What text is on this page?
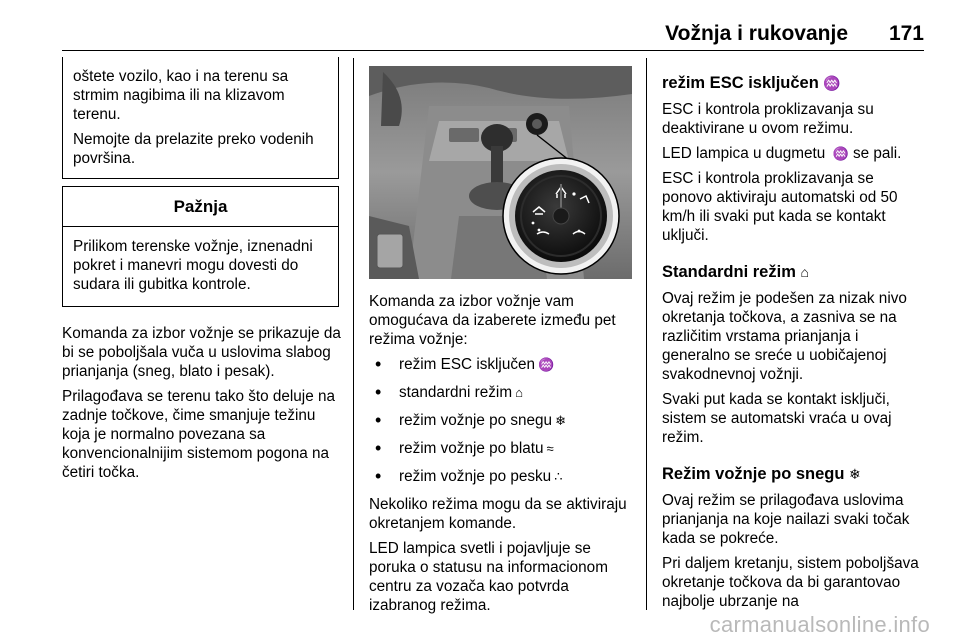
Vožnja i rukovanje 171

oštete vozilo, kao i na terenu sa strmim nagibima ili na klizavom terenu.

Nemojte da prelazite preko vodenih površina.

Pažnja
Prilikom terenske vožnje, iznenadni pokret i manevri mogu dovesti do sudara ili gubitka kontrole.

Komanda za izbor vožnje se prikazuje da bi se poboljšala vuča u uslovima slabog prianjanja (sneg, blato i pesak).

Prilagođava se terenu tako što deluje na zadnje točkove, čime smanjuje težinu koja je normalno povezana sa konvencionalnijim sistemom pogona na četiri točka.

Komanda za izbor vožnje vam omogućava da izaberete između pet režima vožnje:

• režim ESC isključen ♒
• standardni režim ⌂
• režim vožnje po snegu ❄
• režim vožnje po blatu ≈
• režim vožnje po pesku ∴

Nekoliko režima mogu da se aktiviraju okretanjem komande.

LED lampica svetli i pojavljuje se poruka o statusu na informacionom centru za vozača kao potvrda izabranog režima.

režim ESC isključen ♒

ESC i kontrola proklizavanja su deaktivirane u ovom režimu.

LED lampica u dugmetu ♒ se pali.

ESC i kontrola proklizavanja se ponovo aktiviraju automatski od 50 km/h ili svaki put kada se kontakt uključi.

Standardni režim ⌂

Ovaj režim je podešen za nizak nivo okretanja točkova, a zasniva se na različitim vrstama prianjanja i generalno se sreće u uobičajenoj svakodnevnoj vožnji.

Svaki put kada se kontakt isključi, sistem se automatski vraća u ovaj režim.

Režim vožnje po snegu ❄

Ovaj režim se prilagođava uslovima prianjanja na koje nailazi svaki točak kada se pokreće.

Pri daljem kretanju, sistem poboljšava okretanje točkova da bi garantovao najbolje ubrzanje na

carmanualsonline.info
